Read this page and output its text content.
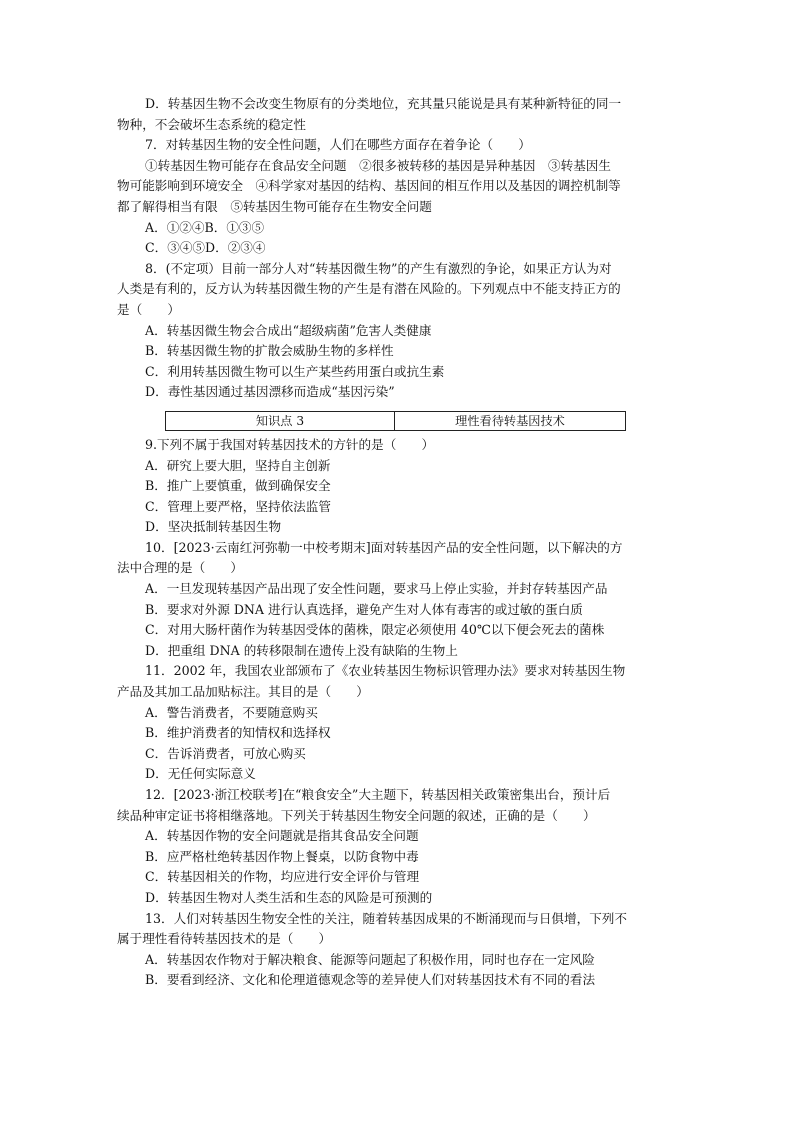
D．转基因生物不会改变生物原有的分类地位，充其量只能说是具有某种新特征的同一
物种，不会破坏生态系统的稳定性
7．对转基因生物的安全性问题，人们在哪些方面存在着争论（　　）
①转基因生物可能存在食品安全问题　②很多被转移的基因是异种基因　③转基因生
物可能影响到环境安全　④科学家对基因的结构、基因间的相互作用以及基因的调控机制等
都了解得相当有限　⑤转基因生物可能存在生物安全问题
A．①②④B．①③⑤
C．③④⑤D．②③④
8．(不定项）目前一部分人对“转基因微生物”的产生有激烈的争论，如果正方认为对
人类是有利的，反方认为转基因微生物的产生是有潜在风险的。下列观点中不能支持正方的
是（　　）
A．转基因微生物会合成出“超级病菌”危害人类健康
B．转基因微生物的扩散会威胁生物的多样性
C．利用转基因微生物可以生产某些药用蛋白或抗生素
D．毒性基因通过基因漂移而造成“基因污染”
知识点 3	理性看待转基因技术
9.下列不属于我国对转基因技术的方针的是（　　）
A．研究上要大胆，坚持自主创新
B．推广上要慎重，做到确保安全
C．管理上要严格，坚持依法监管
D．坚决抵制转基因生物
10．[2023·云南红河弥勒一中校考期末]面对转基因产品的安全性问题，以下解决的方
法中合理的是（　　）
A．一旦发现转基因产品出现了安全性问题，要求马上停止实验，并封存转基因产品
B．要求对外源 DNA 进行认真选择，避免产生对人体有毒害的或过敏的蛋白质
C．对用大肠杆菌作为转基因受体的菌株，限定必须使用 40℃以下便会死去的菌株
D．把重组 DNA 的转移限制在遗传上没有缺陷的生物上
11．2002 年，我国农业部颁布了《农业转基因生物标识管理办法》要求对转基因生物
产品及其加工品加贴标注。其目的是（　　）
A．警告消费者，不要随意购买
B．维护消费者的知情权和选择权
C．告诉消费者，可放心购买
D．无任何实际意义
12．[2023·浙江校联考]在“粮食安全”大主题下，转基因相关政策密集出台，预计后
续品种审定证书将相继落地。下列关于转基因生物安全问题的叙述，正确的是（　　）
A．转基因作物的安全问题就是指其食品安全问题
B．应严格杜绝转基因作物上餐桌，以防食物中毒
C．转基因相关的作物，均应进行安全评价与管理
D．转基因生物对人类生活和生态的风险是可预测的
13．人们对转基因生物安全性的关注，随着转基因成果的不断涌现而与日俱增，下列不
属于理性看待转基因技术的是（　　）
A．转基因农作物对于解决粮食、能源等问题起了积极作用，同时也存在一定风险
B．要看到经济、文化和伦理道德观念等的差异使人们对转基因技术有不同的看法
